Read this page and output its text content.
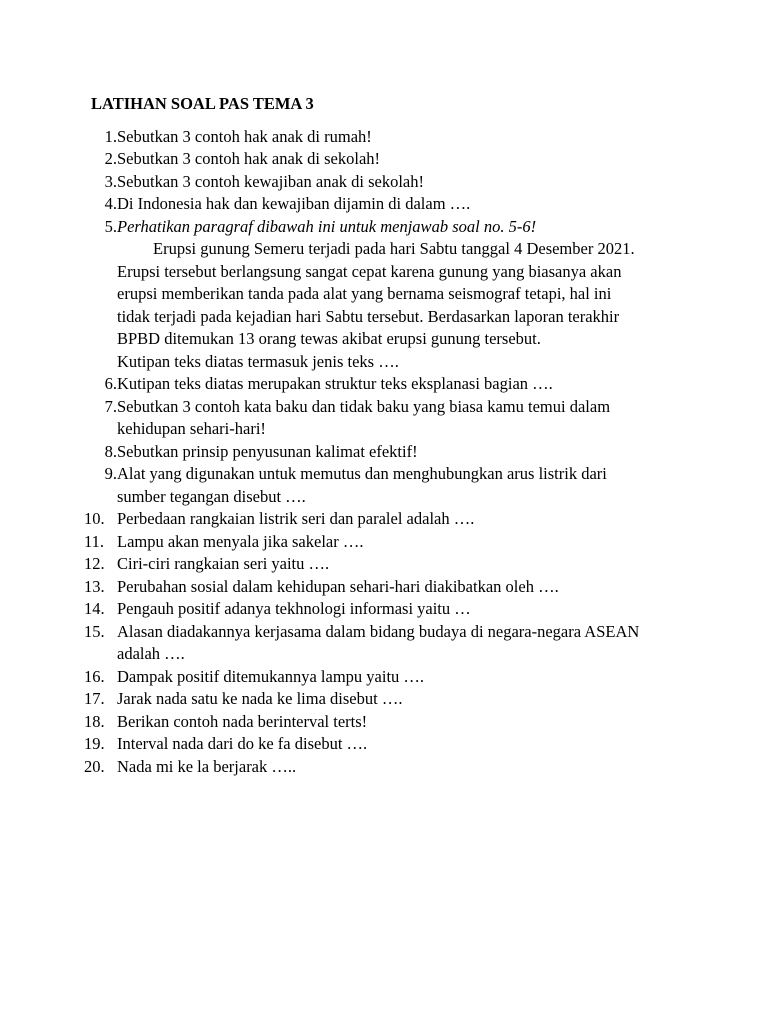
LATIHAN SOAL PAS TEMA 3
1. Sebutkan 3 contoh hak anak di rumah!
2. Sebutkan 3 contoh hak anak di sekolah!
3. Sebutkan 3 contoh kewajiban anak di sekolah!
4. Di Indonesia hak dan kewajiban dijamin di dalam ….
5. Perhatikan paragraf dibawah ini untuk menjawab soal no. 5-6!
Erupsi gunung Semeru terjadi pada hari Sabtu tanggal 4 Desember 2021.
Erupsi tersebut berlangsung sangat cepat karena gunung yang biasanya akan
erupsi memberikan tanda pada alat yang bernama seismograf tetapi, hal ini
tidak terjadi pada kejadian hari Sabtu tersebut. Berdasarkan laporan terakhir
BPBD ditemukan 13 orang tewas akibat erupsi gunung tersebut.
Kutipan teks diatas termasuk jenis teks ….
6. Kutipan teks diatas merupakan struktur teks eksplanasi bagian ….
7. Sebutkan 3 contoh kata baku dan tidak baku yang biasa kamu temui dalam
kehidupan sehari-hari!
8. Sebutkan prinsip penyusunan kalimat efektif!
9. Alat yang digunakan untuk memutus dan menghubungkan arus listrik dari
sumber tegangan disebut ….
10. Perbedaan rangkaian listrik seri dan paralel adalah ….
11. Lampu akan menyala jika sakelar ….
12. Ciri-ciri rangkaian seri yaitu ….
13. Perubahan sosial dalam kehidupan sehari-hari diakibatkan oleh ….
14. Pengauh positif adanya tekhnologi informasi yaitu …
15. Alasan diadakannya kerjasama dalam bidang budaya di negara-negara ASEAN
adalah ….
16. Dampak positif ditemukannya lampu yaitu ….
17. Jarak nada satu ke nada ke lima disebut ….
18. Berikan contoh nada berinterval terts!
19. Interval nada dari do ke fa disebut ….
20. Nada mi ke la berjarak …..
